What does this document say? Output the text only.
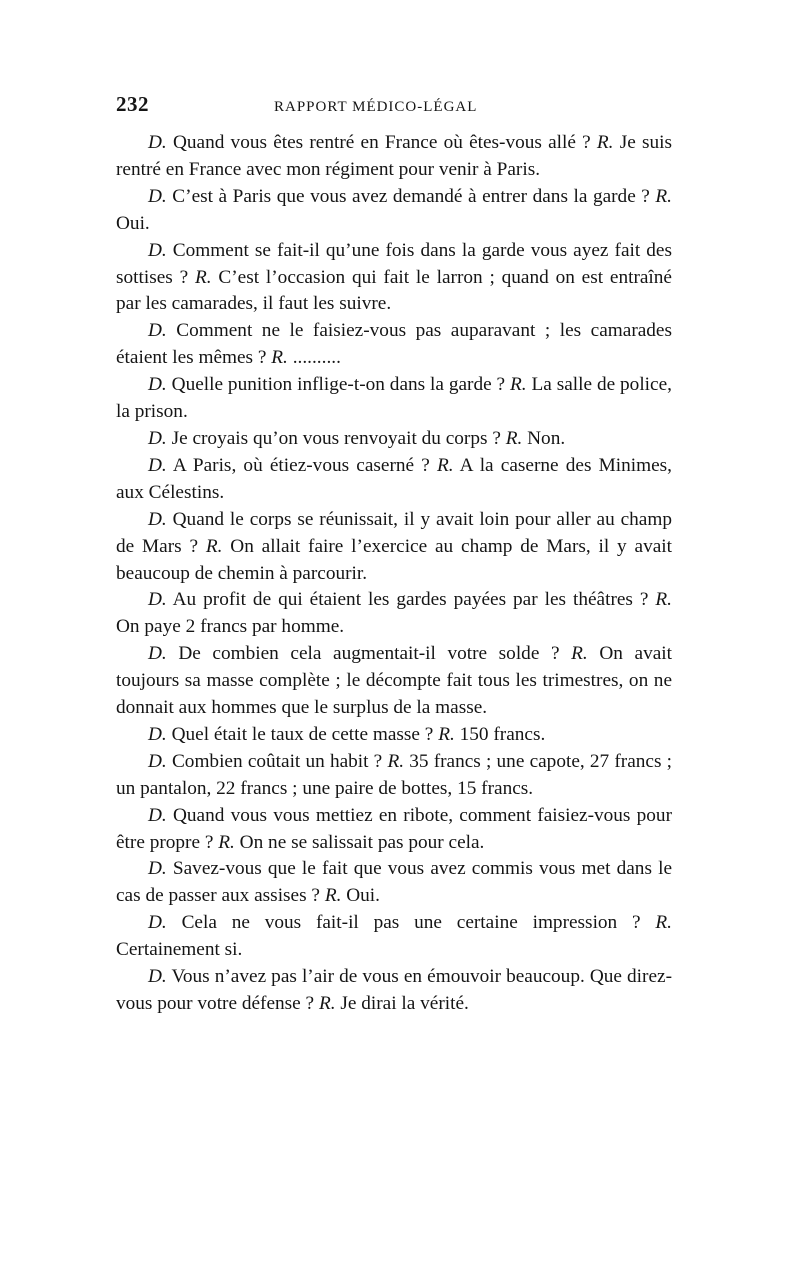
232	RAPPORT MÉDICO-LÉGAL

D. Quand vous êtes rentré en France où êtes-vous allé ? R. Je suis rentré en France avec mon régiment pour venir à Paris.

D. C’est à Paris que vous avez demandé à entrer dans la garde ? R. Oui.

D. Comment se fait-il qu’une fois dans la garde vous ayez fait des sottises ? R. C’est l’occasion qui fait le larron ; quand on est entraîné par les camarades, il faut les suivre.

D. Comment ne le faisiez-vous pas auparavant ; les camarades étaient les mêmes ? R. ..........

D. Quelle punition inflige-t-on dans la garde ? R. La salle de police, la prison.

D. Je croyais qu’on vous renvoyait du corps ? R. Non.

D. A Paris, où étiez-vous caserné ? R. A la caserne des Minimes, aux Célestins.

D. Quand le corps se réunissait, il y avait loin pour aller au champ de Mars ? R. On allait faire l’exercice au champ de Mars, il y avait beaucoup de chemin à parcourir.

D. Au profit de qui étaient les gardes payées par les théâtres ? R. On paye 2 francs par homme.

D. De combien cela augmentait-il votre solde ? R. On avait toujours sa masse complète ; le décompte fait tous les trimestres, on ne donnait aux hommes que le surplus de la masse.

D. Quel était le taux de cette masse ? R. 150 francs.

D. Combien coûtait un habit ? R. 35 francs ; une capote, 27 francs ; un pantalon, 22 francs ; une paire de bottes, 15 francs.

D. Quand vous vous mettiez en ribote, comment faisiez-vous pour être propre ? R. On ne se salissait pas pour cela.

D. Savez-vous que le fait que vous avez commis vous met dans le cas de passer aux assises ? R. Oui.

D. Cela ne vous fait-il pas une certaine impression ? R. Certainement si.

D. Vous n’avez pas l’air de vous en émouvoir beaucoup. Que direz-vous pour votre défense ? R. Je dirai la vérité.
